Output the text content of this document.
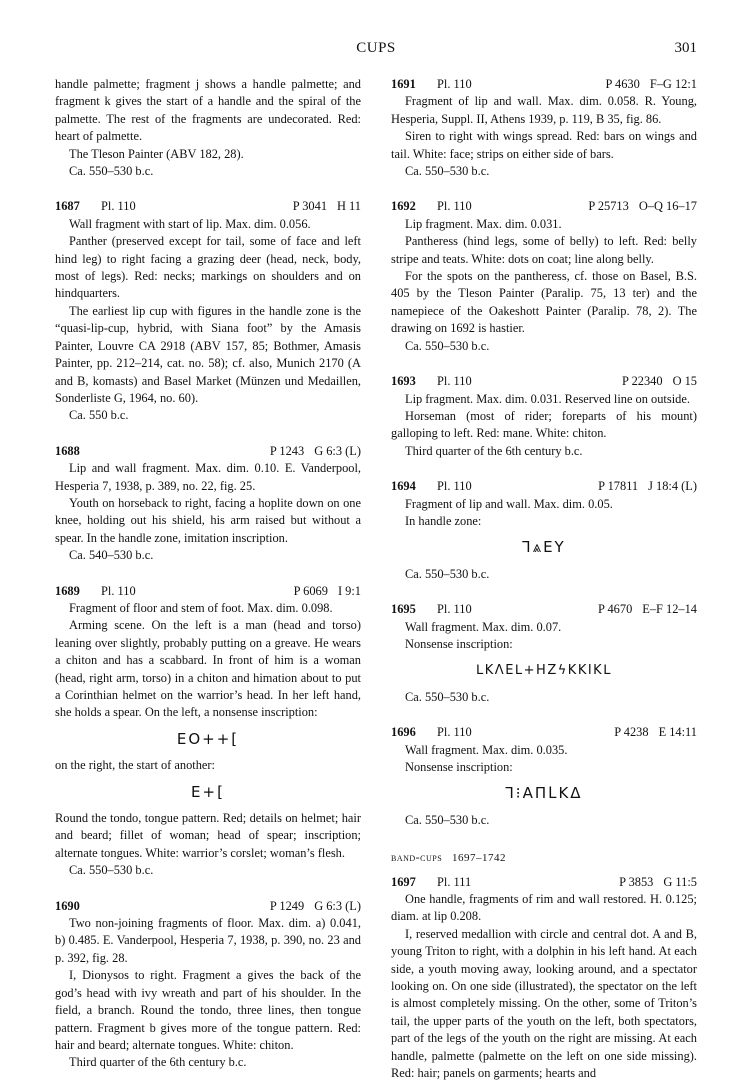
CUPS	301

handle palmette; fragment j shows a handle palmette; and fragment k gives the start of a handle and the spiral of the palmette. The rest of the fragments are undecorated. Red: heart of palmette.

The Tleson Painter (ABV 182, 28).

Ca. 550–530 b.c.

1687	Pl. 110	P 3041 H 11

Wall fragment with start of lip. Max. dim. 0.056.

Panther (preserved except for tail, some of face and left hind leg) to right facing a grazing deer (head, neck, body, most of legs). Red: necks; markings on shoulders and on hindquarters.

The earliest lip cup with figures in the handle zone is the “quasi-lip-cup, hybrid, with Siana foot” by the Amasis Painter, Louvre CA 2918 (ABV 157, 85; Bothmer, Amasis Painter, pp. 212–214, cat. no. 58); cf. also, Munich 2170 (A and B, komasts) and Basel Market (Münzen und Medaillen, Sonderliste G, 1964, no. 60).

Ca. 550 b.c.

1688	P 1243 G 6:3 (L)

Lip and wall fragment. Max. dim. 0.10. E. Vanderpool, Hesperia 7, 1938, p. 389, no. 22, fig. 25.

Youth on horseback to right, facing a hoplite down on one knee, holding out his shield, his arm raised but without a spear. In the handle zone, imitation inscription.

Ca. 540–530 b.c.

1689	Pl. 110	P 6069 I 9:1

Fragment of floor and stem of foot. Max. dim. 0.098.

Arming scene. On the left is a man (head and torso) leaning over slightly, probably putting on a greave. He wears a chiton and has a scabbard. In front of him is a woman (head, right arm, torso) in a chiton and himation about to put a Corinthian helmet on the warrior’s head. In her left hand, she holds a spear. On the left, a nonsense inscription:

ΕΟ++[

on the right, the start of another:

Ε+[

Round the tondo, tongue pattern. Red; details on helmet; hair and beard; fillet of woman; head of spear; inscription; alternate tongues. White: warrior’s corslet; woman’s flesh.

Ca. 550–530 b.c.

1690	P 1249 G 6:3 (L)

Two non-joining fragments of floor. Max. dim. a) 0.041, b) 0.485. E. Vanderpool, Hesperia 7, 1938, p. 390, no. 23 and p. 392, fig. 28.

I, Dionysos to right. Fragment a gives the back of the god’s head with ivy wreath and part of his shoulder. In the field, a branch. Round the tondo, three lines, then tongue pattern. Fragment b gives more of the tongue pattern. Red: hair and beard; alternate tongues. White: chiton.

Third quarter of the 6th century b.c.

1691	Pl. 110	P 4630 F–G 12:1

Fragment of lip and wall. Max. dim. 0.058. R. Young, Hesperia, Suppl. II, Athens 1939, p. 119, B 35, fig. 86.

Siren to right with wings spread. Red: bars on wings and tail. White: face; strips on either side of bars.

Ca. 550–530 b.c.

1692	Pl. 110	P 25713 O–Q 16–17

Lip fragment. Max. dim. 0.031.

Pantheress (hind legs, some of belly) to left. Red: belly stripe and teats. White: dots on coat; line along belly.

For the spots on the pantheress, cf. those on Basel, B.S. 405 by the Tleson Painter (Paralip. 75, 13 ter) and the namepiece of the Oakeshott Painter (Paralip. 78, 2). The drawing on 1692 is hastier.

Ca. 550–530 b.c.

1693	Pl. 110	P 22340 O 15

Lip fragment. Max. dim. 0.031. Reserved line on outside.

Horseman (most of rider; foreparts of his mount) galloping to left. Red: mane. White: chiton.

Third quarter of the 6th century b.c.

1694	Pl. 110	P 17811 J 18:4 (L)

Fragment of lip and wall. Max. dim. 0.05.

In handle zone:

ꓶ⩓ΕΥ

Ca. 550–530 b.c.

1695	Pl. 110	P 4670 E–F 12–14

Wall fragment. Max. dim. 0.07.

Nonsense inscription:

ᒪΚΛΕᒪ+ΗΖϟΚΚΙΚᒪ

Ca. 550–530 b.c.

1696	Pl. 110	P 4238 E 14:11

Wall fragment. Max. dim. 0.035.

Nonsense inscription:

ꓶ⁝ΑΠᒪΚΔ

Ca. 550–530 b.c.

band-cups 1697–1742
1697	Pl. 111	P 3853 G 11:5

One handle, fragments of rim and wall restored. H. 0.125; diam. at lip 0.208.

I, reserved medallion with circle and central dot. A and B, young Triton to right, with a dolphin in his left hand. At each side, a youth moving away, looking around, and a spectator looking on. On one side (illustrated), the spectator on the left is almost completely missing. On the other, some of Triton’s tail, the upper parts of the youth on the left, both spectators, part of the legs of the youth on the right are missing. At each handle, palmette (palmette on the left on one side missing). Red: hair; panels on garments; hearts and
